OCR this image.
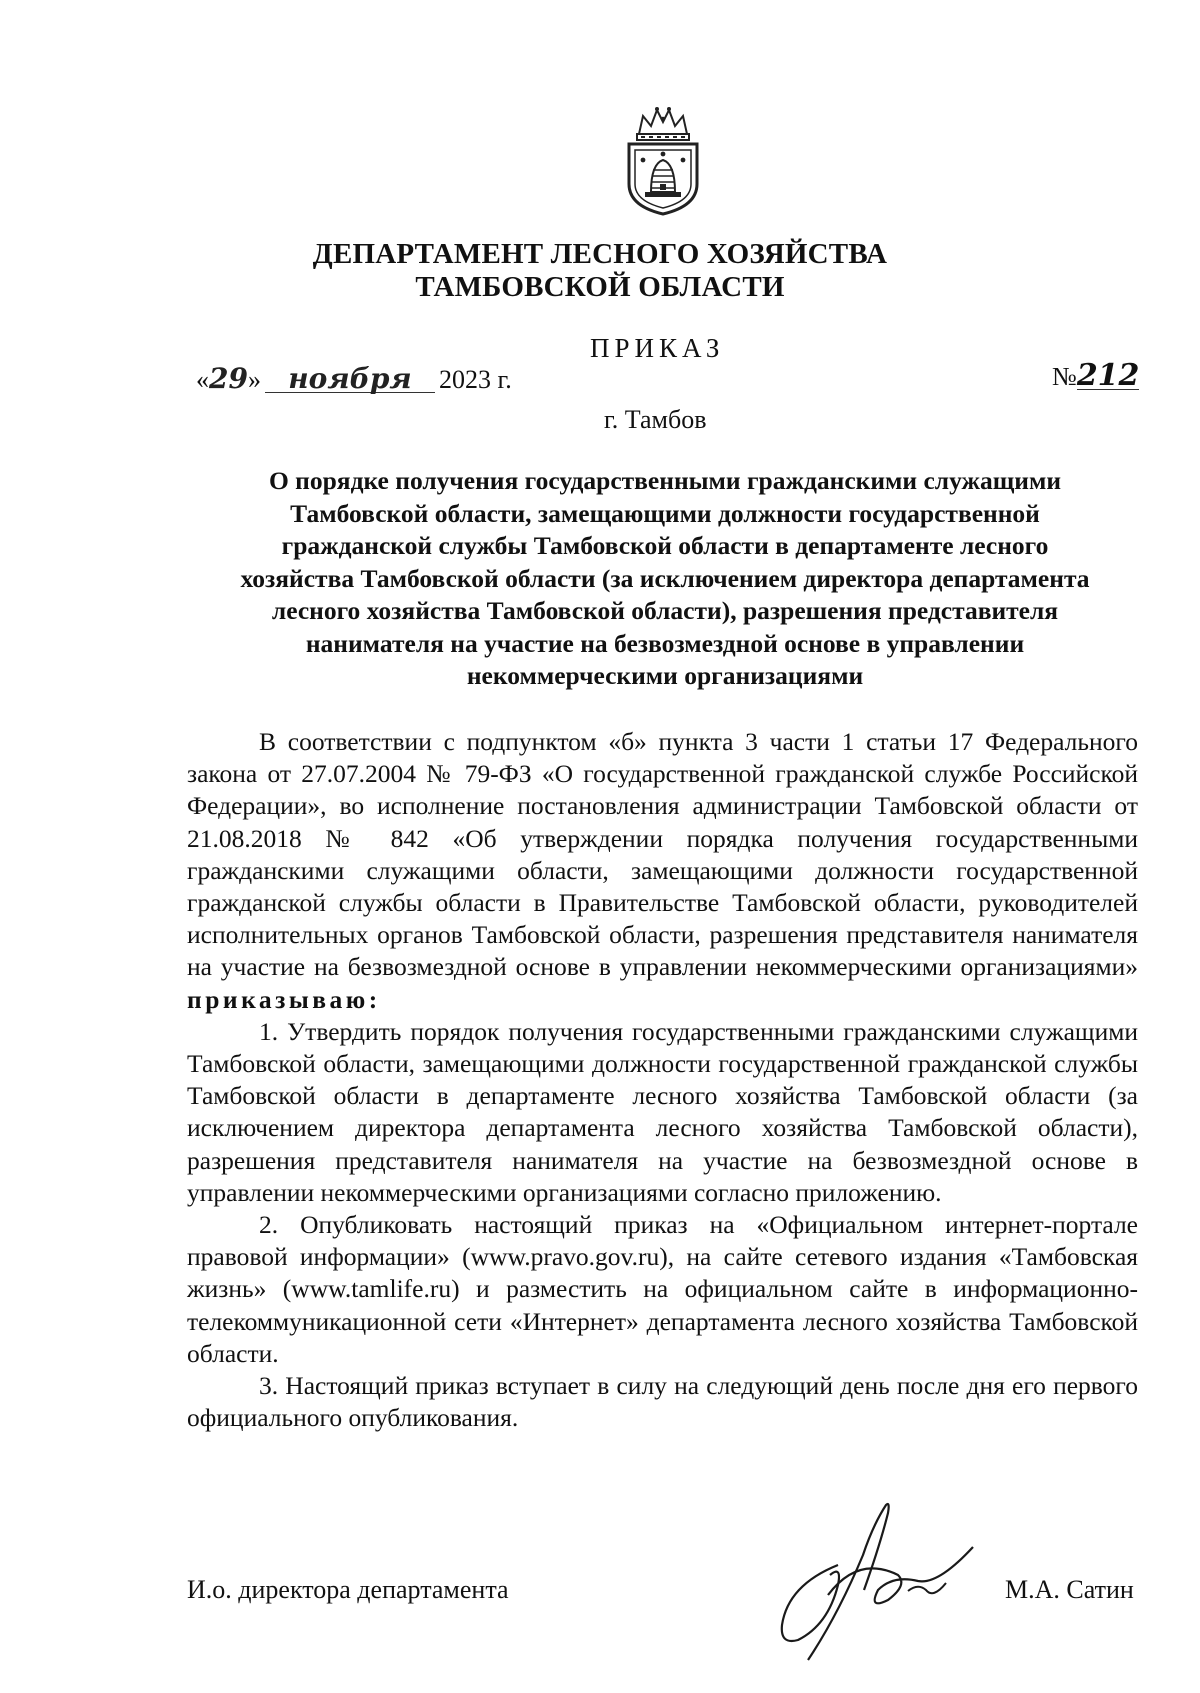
ДЕПАРТАМЕНТ ЛЕСНОГО ХОЗЯЙСТВА
ТАМБОВСКОЙ ОБЛАСТИ
ПРИКАЗ
«29» ноября 2023 г.	№212
г. Тамбов
О порядке получения государственными гражданскими служащими
Тамбовской области, замещающими должности государственной
гражданской службы Тамбовской области в департаменте лесного
хозяйства Тамбовской области (за исключением директора департамента
лесного хозяйства Тамбовской области), разрешения представителя
нанимателя на участие на безвозмездной основе в управлении
некоммерческими организациями

В соответствии с подпунктом «б» пункта 3 части 1 статьи 17 Федерального закона от 27.07.2004 № 79-ФЗ «О государственной гражданской службе Российской Федерации», во исполнение постановления администрации Тамбовской области от 21.08.2018 № 842 «Об утверждении порядка получения государственными гражданскими служащими области, замещающими должности государственной гражданской службы области в Правительстве Тамбовской области, руководителей исполнительных органов Тамбовской области, разрешения представителя нанимателя на участие на безвозмездной основе в управлении некоммерческими организациями» приказываю:

1. Утвердить порядок получения государственными гражданскими служащими Тамбовской области, замещающими должности государственной гражданской службы Тамбовской области в департаменте лесного хозяйства Тамбовской области (за исключением директора департамента лесного хозяйства Тамбовской области), разрешения представителя нанимателя на участие на безвозмездной основе в управлении некоммерческими организациями согласно приложению.

2. Опубликовать настоящий приказ на «Официальном интернет-портале правовой информации» (www.pravo.gov.ru), на сайте сетевого издания «Тамбовская жизнь» (www.tamlife.ru) и разместить на официальном сайте в информационно-телекоммуникационной сети «Интернет» департамента лесного хозяйства Тамбовской области.

3. Настоящий приказ вступает в силу на следующий день после дня его первого официального опубликования.

И.о. директора департамента	М.А. Сатин
